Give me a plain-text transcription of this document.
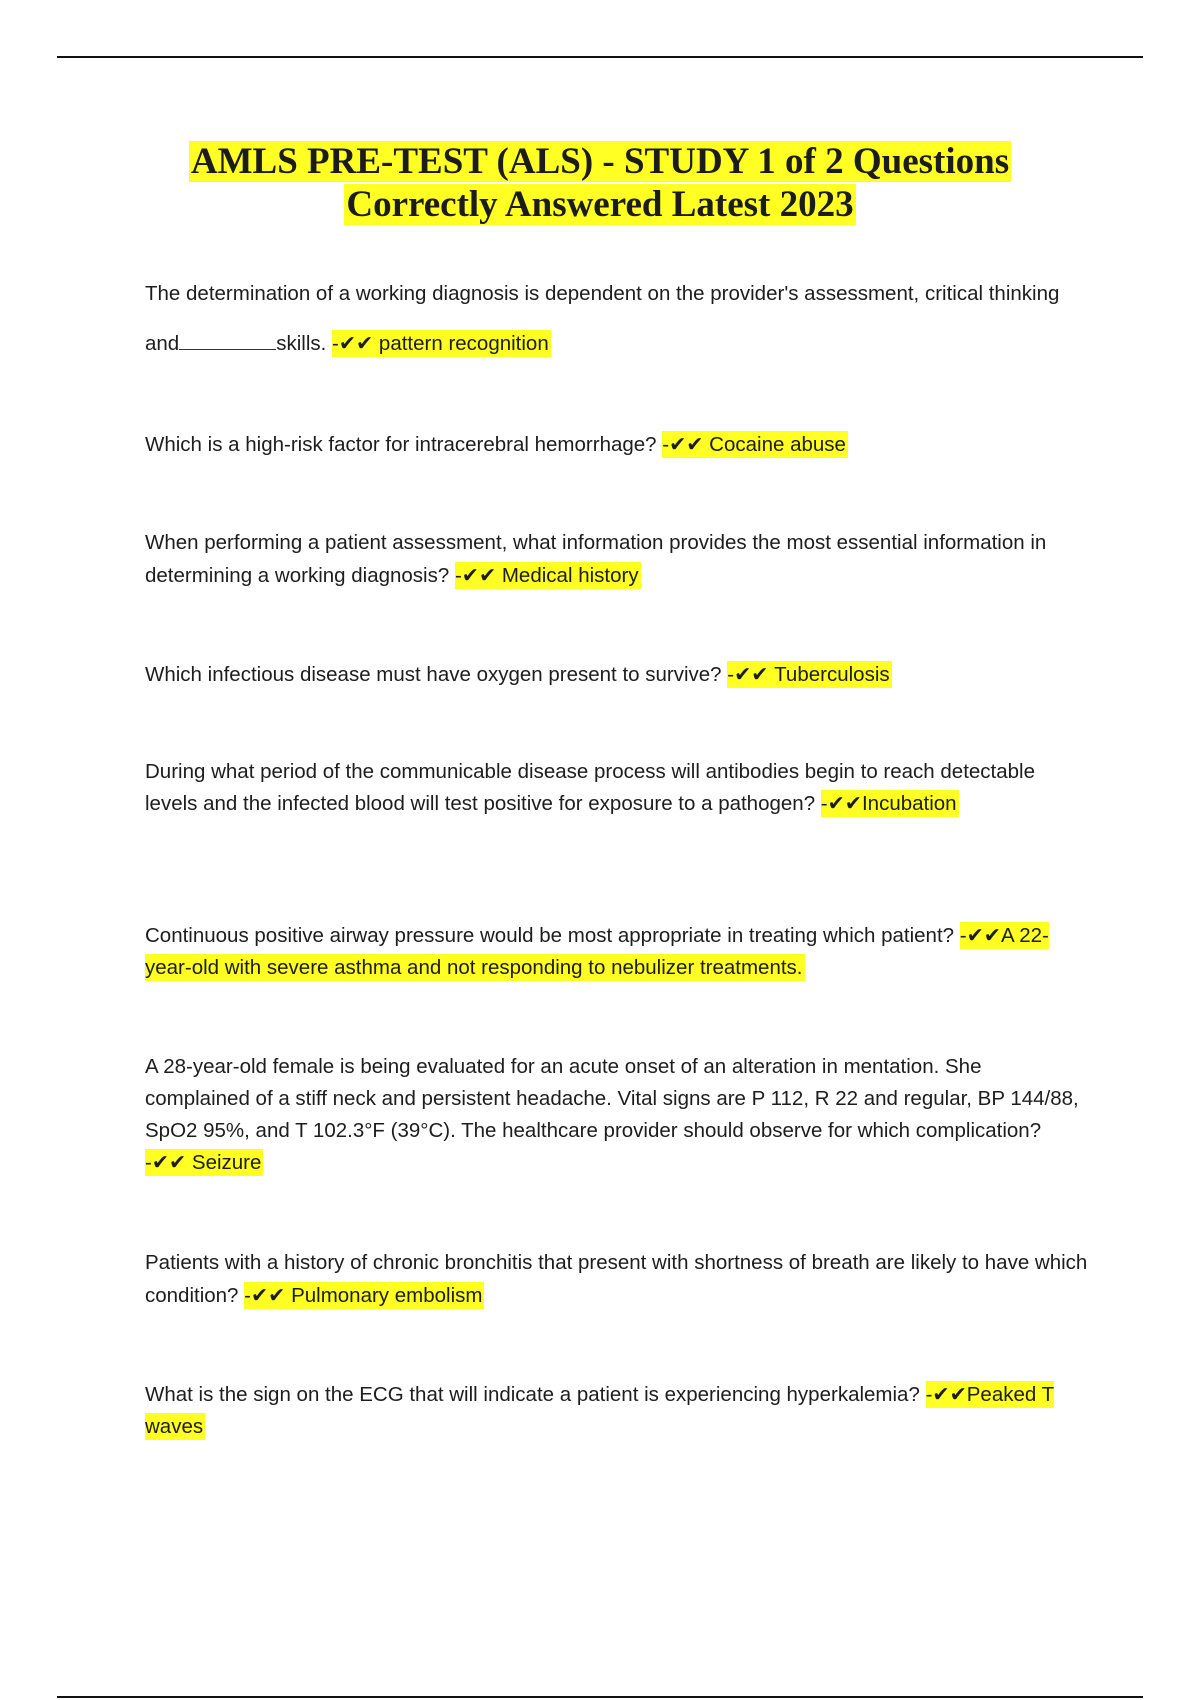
AMLS PRE-TEST (ALS) - STUDY 1 of 2 Questions
Correctly Answered Latest 2023
The determination of a working diagnosis is dependent on the provider's assessment, critical thinking and	skills. -✔✔ pattern recognition
Which is a high-risk factor for intracerebral hemorrhage? -✔✔ Cocaine abuse
When performing a patient assessment, what information provides the most essential information in determining a working diagnosis? -✔✔ Medical history
Which infectious disease must have oxygen present to survive? -✔✔ Tuberculosis
During what period of the communicable disease process will antibodies begin to reach detectable levels and the infected blood will test positive for exposure to a pathogen? -✔✔Incubation
Continuous positive airway pressure would be most appropriate in treating which patient? -✔✔A 22-year-old with severe asthma and not responding to nebulizer treatments.
A 28-year-old female is being evaluated for an acute onset of an alteration in mentation. She complained of a stiff neck and persistent headache. Vital signs are P 112, R 22 and regular, BP 144/88, SpO2 95%, and T 102.3°F (39°C). The healthcare provider should observe for which complication? -✔✔ Seizure
Patients with a history of chronic bronchitis that present with shortness of breath are likely to have which condition? -✔✔ Pulmonary embolism
What is the sign on the ECG that will indicate a patient is experiencing hyperkalemia? -✔✔Peaked T waves
